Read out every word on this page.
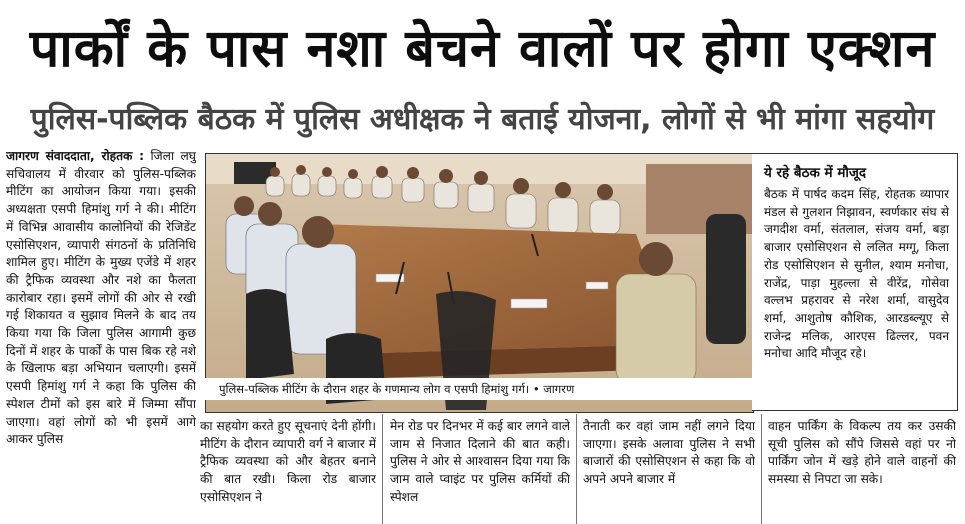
पार्कों के पास नशा बेचने वालों पर होगा एक्शन
पुलिस-पब्लिक बैठक में पुलिस अधीक्षक ने बताई योजना, लोगों से भी मांगा सहयोग

जागरण संवाददाता, रोहतक : जिला लघु सचिवालय में वीरवार को पुलिस-पब्लिक मीटिंग का आयोजन किया गया। इसकी अध्यक्षता एसपी हिमांशु गर्ग ने की। मीटिंग में विभिन्न आवासीय कालोनियों की रेजिडेंट एसोसिएशन, व्यापारी संगठनों के प्रतिनिधि शामिल हुए। मीटिंग के मुख्य एजेंडे में शहर की ट्रैफिक व्यवस्था और नशे का फैलता कारोबार रहा। इसमें लोगों की ओर से रखी गई शिकायत व सुझाव मिलने के बाद तय किया गया कि जिला पुलिस आगामी कुछ दिनों में शहर के पार्कों के पास बिक रहे नशे के खिलाफ बड़ा अभियान चलाएगी। इसमें एसपी हिमांशु गर्ग ने कहा कि पुलिस की स्पेशल टीमों को इस बारे में जिम्मा सौंपा जाएगा। वहां लोगों को भी इसमें आगे आकर पुलिस

पुलिस-पब्लिक मीटिंग के दौरान शहर के गणमान्य लोग व एसपी हिमांशु गर्ग। • जागरण
ये रहे बैठक में मौजूद

बैठक में पार्षद कदम सिंह, रोहतक व्यापार मंडल से गुलशन निझावन, स्वर्णकार संघ से जगदीश वर्मा, संतलाल, संजय वर्मा, बड़ा बाजार एसोसिएशन से ललित मग्गू, किला रोड एसोसिएशन से सुनील, श्याम मनोचा, राजेंद्र, पाड़ा मुहल्ला से वीरेंद्र, गोसेवा वल्लभ प्रहरावर से नरेश शर्मा, वासुदेव शर्मा, आशुतोष कौशिक, आरडब्ल्यूए से राजेन्द्र मलिक, आरएस ढिल्लर, पवन मनोचा आदि मौजूद रहे।

का सहयोग करते हुए सूचनाएं देनी होंगी। मीटिंग के दौरान व्यापारी वर्ग ने बाजार में ट्रैफिक व्यवस्था को और बेहतर बनाने की बात रखी। किला रोड बाजार एसोसिएशन ने

मेन रोड पर दिनभर में कई बार लगने वाले जाम से निजात दिलाने की बात कही। पुलिस ने ओर से आश्वासन दिया गया कि जाम वाले प्वाइंट पर पुलिस कर्मियों की स्पेशल

तैनाती कर वहां जाम नहीं लगने दिया जाएगा। इसके अलावा पुलिस ने सभी बाजारों की एसोसिएशन से कहा कि वो अपने अपने बाजार में

वाहन पार्किंग के विकल्प तय कर उसकी सूची पुलिस को सौंपे जिससे वहां पर नो पार्किंग जोन में खड़े होने वाले वाहनों की समस्या से निपटा जा सके।
